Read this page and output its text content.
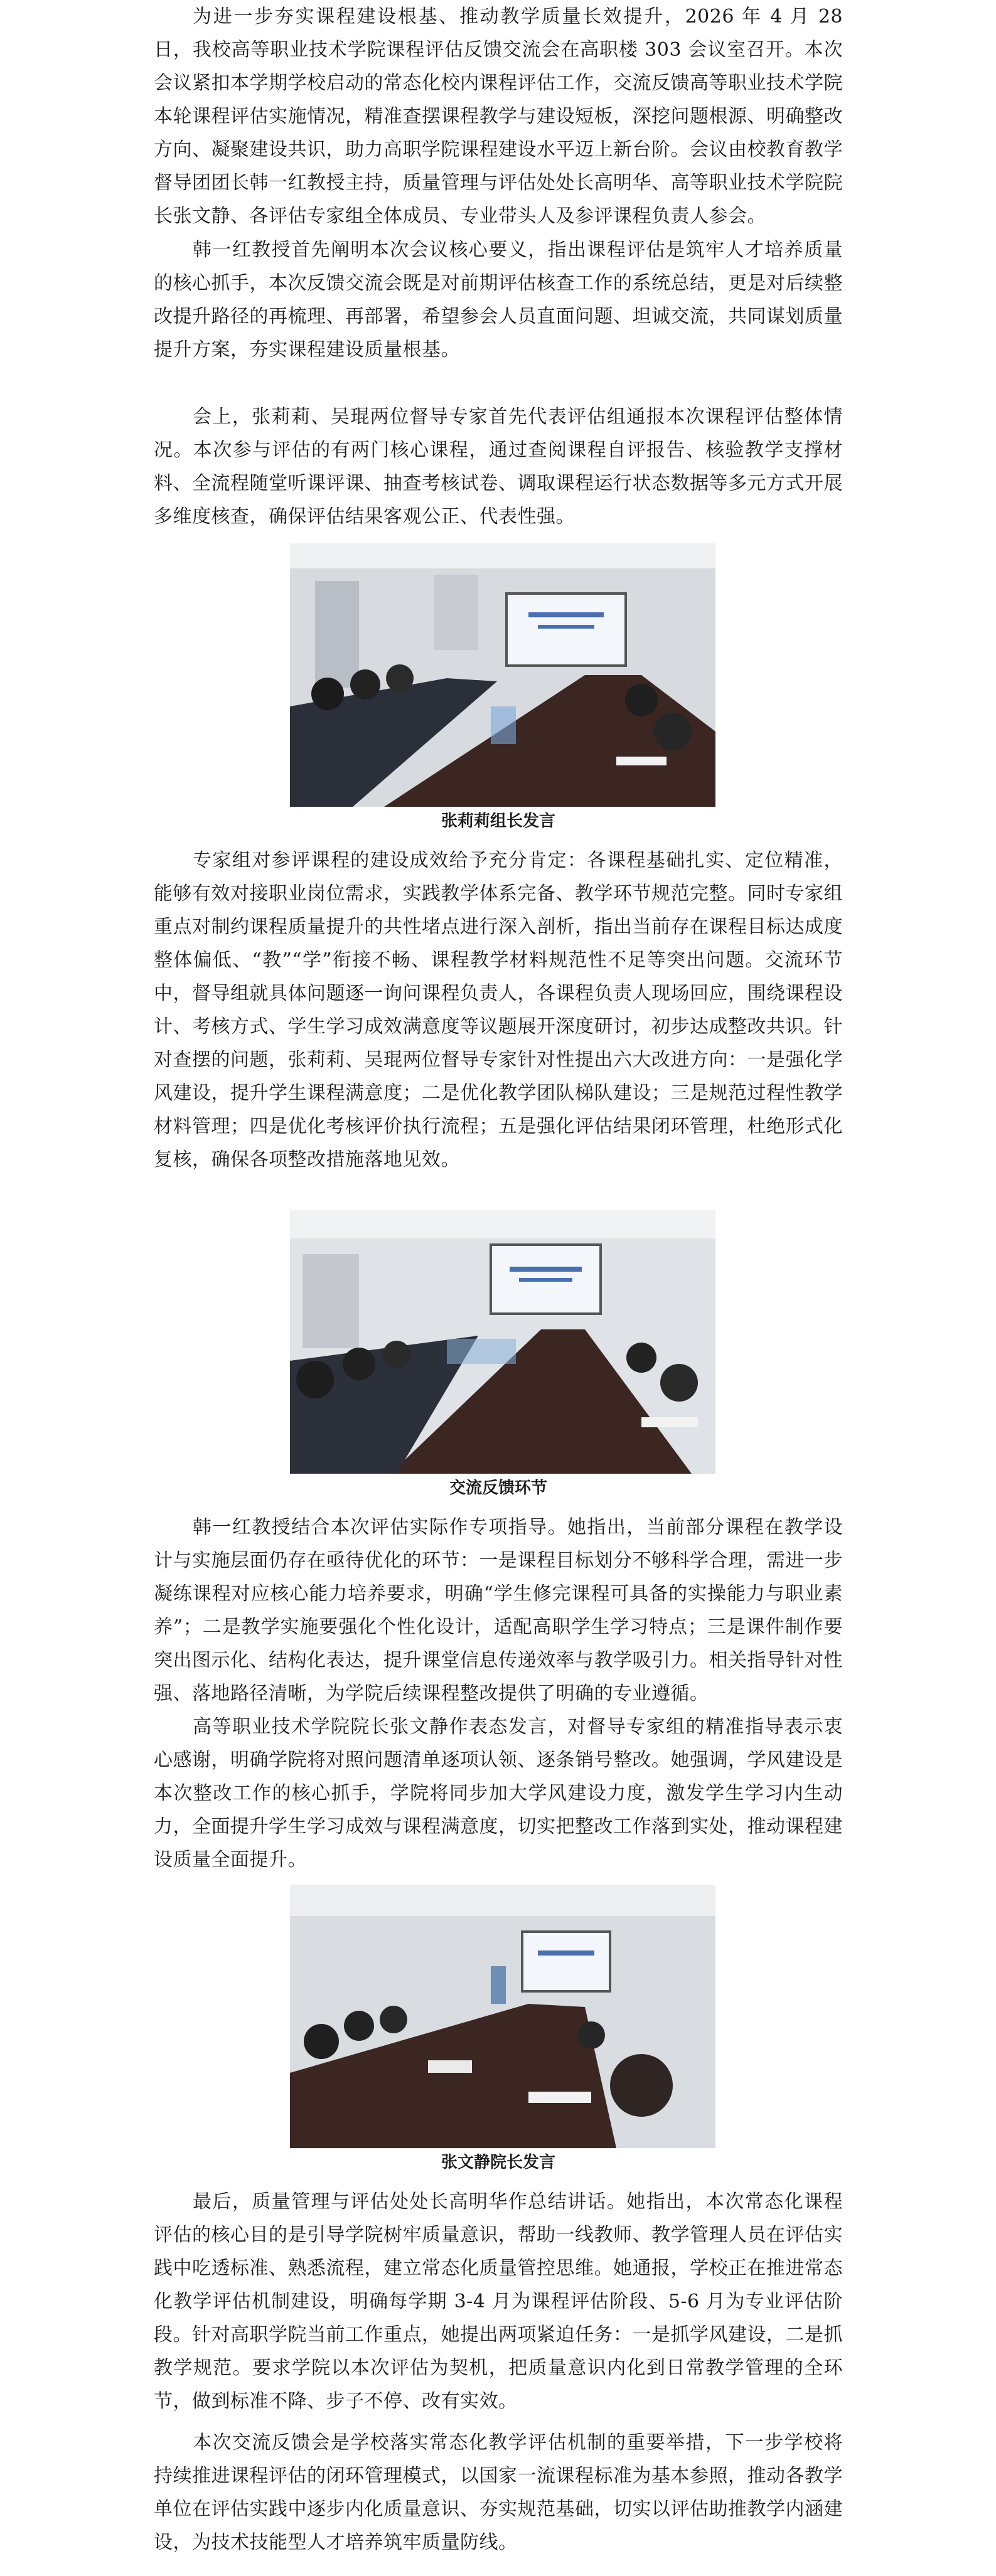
为进一步夯实课程建设根基、推动教学质量长效提升，2026 年 4 月 28 日，我校高等职业技术学院课程评估反馈交流会在高职楼 303 会议室召开。本次会议紧扣本学期学校启动的常态化校内课程评估工作，交流反馈高等职业技术学院本轮课程评估实施情况，精准查摆课程教学与建设短板，深挖问题根源、明确整改方向、凝聚建设共识，助力高职学院课程建设水平迈上新台阶。会议由校教育教学督导团团长韩一红教授主持，质量管理与评估处处长高明华、高等职业技术学院院长张文静、各评估专家组全体成员、专业带头人及参评课程负责人参会。

韩一红教授首先阐明本次会议核心要义，指出课程评估是筑牢人才培养质量的核心抓手，本次反馈交流会既是对前期评估核查工作的系统总结，更是对后续整改提升路径的再梳理、再部署，希望参会人员直面问题、坦诚交流，共同谋划质量提升方案，夯实课程建设质量根基。

会上，张莉莉、吴琨两位督导专家首先代表评估组通报本次课程评估整体情况。本次参与评估的有两门核心课程，通过查阅课程自评报告、核验教学支撑材料、全流程随堂听课评课、抽查考核试卷、调取课程运行状态数据等多元方式开展多维度核查，确保评估结果客观公正、代表性强。

张莉莉组长发言

专家组对参评课程的建设成效给予充分肯定：各课程基础扎实、定位精准，能够有效对接职业岗位需求，实践教学体系完备、教学环节规范完整。同时专家组重点对制约课程质量提升的共性堵点进行深入剖析，指出当前存在课程目标达成度整体偏低、“教”“学”衔接不畅、课程教学材料规范性不足等突出问题。交流环节中，督导组就具体问题逐一询问课程负责人，各课程负责人现场回应，围绕课程设计、考核方式、学生学习成效满意度等议题展开深度研讨，初步达成整改共识。针对查摆的问题，张莉莉、吴琨两位督导专家针对性提出六大改进方向：一是强化学风建设，提升学生课程满意度；二是优化教学团队梯队建设；三是规范过程性教学材料管理；四是优化考核评价执行流程；五是强化评估结果闭环管理，杜绝形式化复核，确保各项整改措施落地见效。

交流反馈环节

韩一红教授结合本次评估实际作专项指导。她指出，当前部分课程在教学设计与实施层面仍存在亟待优化的环节：一是课程目标划分不够科学合理，需进一步凝练课程对应核心能力培养要求，明确“学生修完课程可具备的实操能力与职业素养”；二是教学实施要强化个性化设计，适配高职学生学习特点；三是课件制作要突出图示化、结构化表达，提升课堂信息传递效率与教学吸引力。相关指导针对性强、落地路径清晰，为学院后续课程整改提供了明确的专业遵循。

高等职业技术学院院长张文静作表态发言，对督导专家组的精准指导表示衷心感谢，明确学院将对照问题清单逐项认领、逐条销号整改。她强调，学风建设是本次整改工作的核心抓手，学院将同步加大学风建设力度，激发学生学习内生动力，全面提升学生学习成效与课程满意度，切实把整改工作落到实处，推动课程建设质量全面提升。

张文静院长发言

最后，质量管理与评估处处长高明华作总结讲话。她指出，本次常态化课程评估的核心目的是引导学院树牢质量意识，帮助一线教师、教学管理人员在评估实践中吃透标准、熟悉流程，建立常态化质量管控思维。她通报，学校正在推进常态化教学评估机制建设，明确每学期 3-4 月为课程评估阶段、5-6 月为专业评估阶段。针对高职学院当前工作重点，她提出两项紧迫任务：一是抓学风建设，二是抓教学规范。要求学院以本次评估为契机，把质量意识内化到日常教学管理的全环节，做到标准不降、步子不停、改有实效。

本次交流反馈会是学校落实常态化教学评估机制的重要举措，下一步学校将持续推进课程评估的闭环管理模式，以国家一流课程标准为基本参照，推动各教学单位在评估实践中逐步内化质量意识、夯实规范基础，切实以评估助推教学内涵建设，为技术技能型人才培养筑牢质量防线。
